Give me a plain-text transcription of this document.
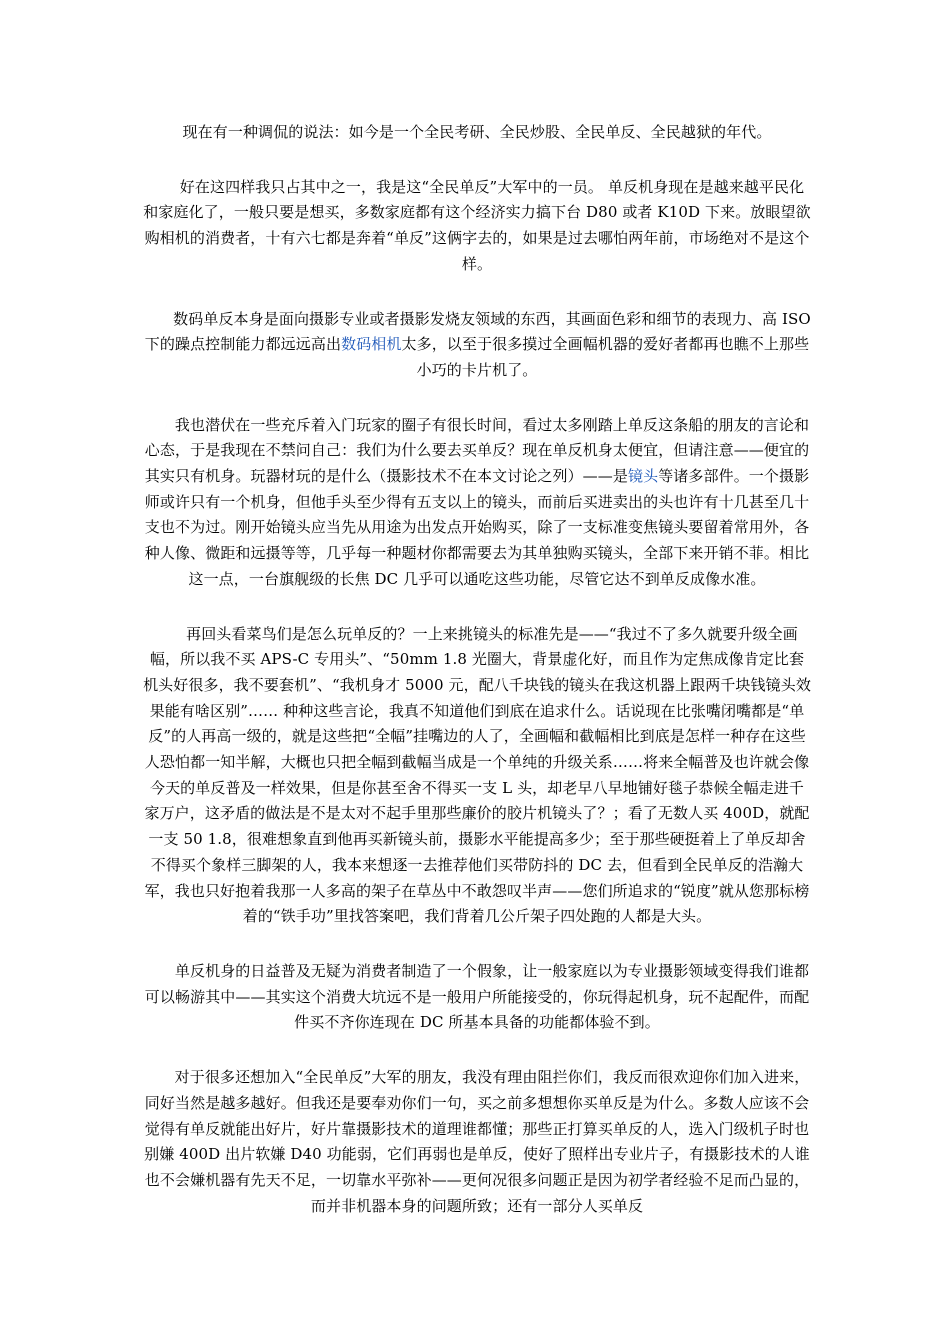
现在有一种调侃的说法：如今是一个全民考研、全民炒股、全民单反、全民越狱的年代。

好在这四样我只占其中之一，我是这“全民单反”大军中的一员。 单反机身现在是越来越平民化和家庭化了，一般只要是想买，多数家庭都有这个经济实力搞下台 D80 或者 K10D 下来。放眼望欲购相机的消费者，十有六七都是奔着“单反”这俩字去的，如果是过去哪怕两年前，市场绝对不是这个样。

数码单反本身是面向摄影专业或者摄影发烧友领域的东西，其画面色彩和细节的表现力、高 ISO 下的躁点控制能力都远远高出数码相机太多，以至于很多摸过全画幅机器的爱好者都再也瞧不上那些小巧的卡片机了。

我也潜伏在一些充斥着入门玩家的圈子有很长时间，看过太多刚踏上单反这条船的朋友的言论和心态，于是我现在不禁问自己：我们为什么要去买单反？现在单反机身太便宜，但请注意——便宜的其实只有机身。玩器材玩的是什么（摄影技术不在本文讨论之列）——是镜头等诸多部件。一个摄影师或许只有一个机身，但他手头至少得有五支以上的镜头，而前后买进卖出的头也许有十几甚至几十支也不为过。刚开始镜头应当先从用途为出发点开始购买，除了一支标准变焦镜头要留着常用外，各种人像、微距和远摄等等，几乎每一种题材你都需要去为其单独购买镜头，全部下来开销不菲。相比这一点，一台旗舰级的长焦 DC 几乎可以通吃这些功能，尽管它达不到单反成像水准。

再回头看菜鸟们是怎么玩单反的？一上来挑镜头的标准先是——“我过不了多久就要升级全画幅，所以我不买 APS-C 专用头”、“50mm 1.8 光圈大，背景虚化好，而且作为定焦成像肯定比套机头好很多，我不要套机”、“我机身才 5000 元，配八千块钱的镜头在我这机器上跟两千块钱镜头效果能有啥区别”…… 种种这些言论，我真不知道他们到底在追求什么。话说现在比张嘴闭嘴都是“单反”的人再高一级的，就是这些把“全幅”挂嘴边的人了，全画幅和截幅相比到底是怎样一种存在这些人恐怕都一知半解，大概也只把全幅到截幅当成是一个单纯的升级关系……将来全幅普及也许就会像今天的单反普及一样效果，但是你甚至舍不得买一支 L 头，却老早八早地铺好毯子恭候全幅走进千家万户，这矛盾的做法是不是太对不起手里那些廉价的胶片机镜头了？；看了无数人买 400D，就配一支 50 1.8，很难想象直到他再买新镜头前，摄影水平能提高多少；至于那些硬挺着上了单反却舍不得买个象样三脚架的人，我本来想逐一去推荐他们买带防抖的 DC 去，但看到全民单反的浩瀚大军，我也只好抱着我那一人多高的架子在草丛中不敢怨叹半声——您们所追求的“锐度”就从您那标榜着的“铁手功”里找答案吧，我们背着几公斤架子四处跑的人都是大头。

单反机身的日益普及无疑为消费者制造了一个假象，让一般家庭以为专业摄影领域变得我们谁都可以畅游其中——其实这个消费大坑远不是一般用户所能接受的，你玩得起机身，玩不起配件，而配件买不齐你连现在 DC 所基本具备的功能都体验不到。

对于很多还想加入“全民单反”大军的朋友，我没有理由阻拦你们，我反而很欢迎你们加入进来，同好当然是越多越好。但我还是要奉劝你们一句，买之前多想想你买单反是为什么。多数人应该不会觉得有单反就能出好片，好片靠摄影技术的道理谁都懂；那些正打算买单反的人，选入门级机子时也别嫌 400D 出片软嫌 D40 功能弱，它们再弱也是单反，使好了照样出专业片子，有摄影技术的人谁也不会嫌机器有先天不足，一切靠水平弥补——更何况很多问题正是因为初学者经验不足而凸显的，而并非机器本身的问题所致；还有一部分人买单反
